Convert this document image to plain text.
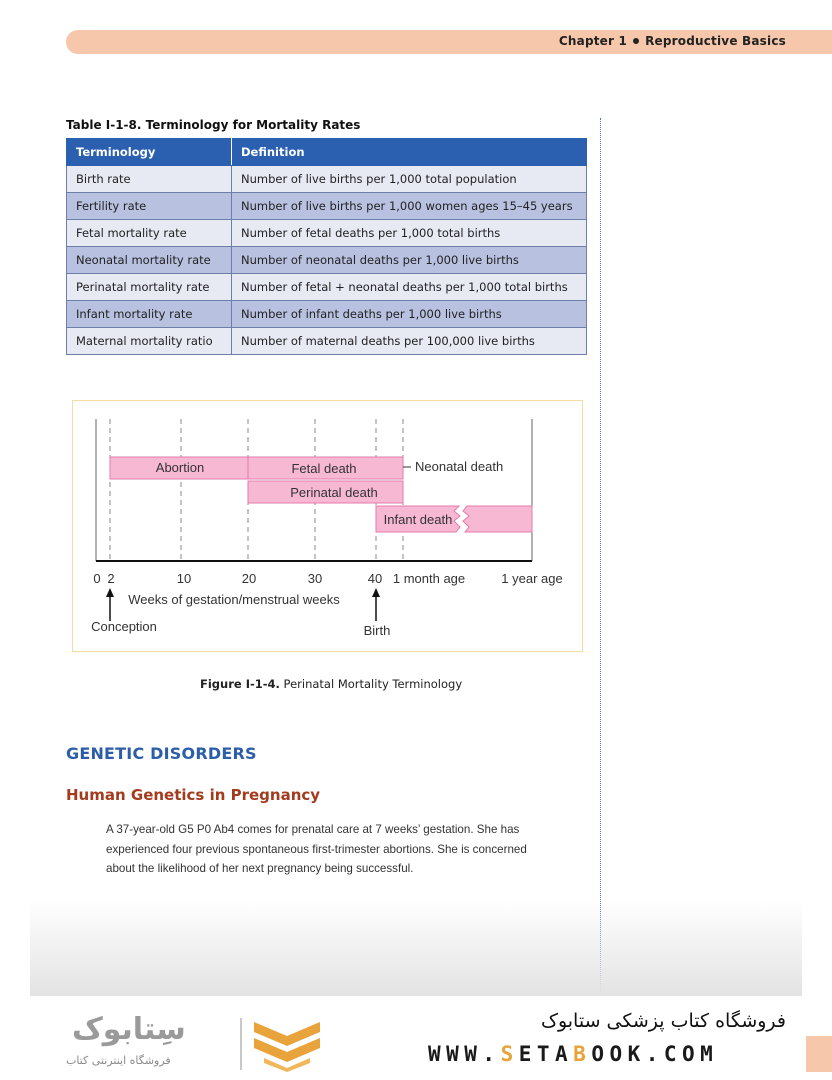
Chapter 1 Reproductive Basics
Table I-1-8. Terminology for Mortality Rates
Terminology	Definition
Birth rate	Number of live births per 1,000 total population
Fertility rate	Number of live births per 1,000 women ages 15–45 years
Fetal mortality rate	Number of fetal deaths per 1,000 total births
Neonatal mortality rate	Number of neonatal deaths per 1,000 live births
Perinatal mortality rate	Number of fetal + neonatal deaths per 1,000 total births
Infant mortality rate	Number of infant deaths per 1,000 live births
Maternal mortality ratio	Number of maternal deaths per 100,000 live births
Abortion	Fetal death	Neonatal death
Perinatal death
Infant death
0 2	10	20	30	40 1 month age	1 year age
Weeks of gestation/menstrual weeks
Conception	Birth
Figure I-1-4. Perinatal Mortality Terminology
GENETIC DISORDERS
Human Genetics in Pregnancy
A 37-year-old G5 P0 Ab4 comes for prenatal care at 7 weeks’ gestation. She has experienced four previous spontaneous first-trimester abortions. She is concerned about the likelihood of her next pregnancy being successful.
سِتابوک
فروشگاه اینترنتی کتاب
فروشگاه کتاب پزشکی ستابوک
WWW.SETABOOK.COM
